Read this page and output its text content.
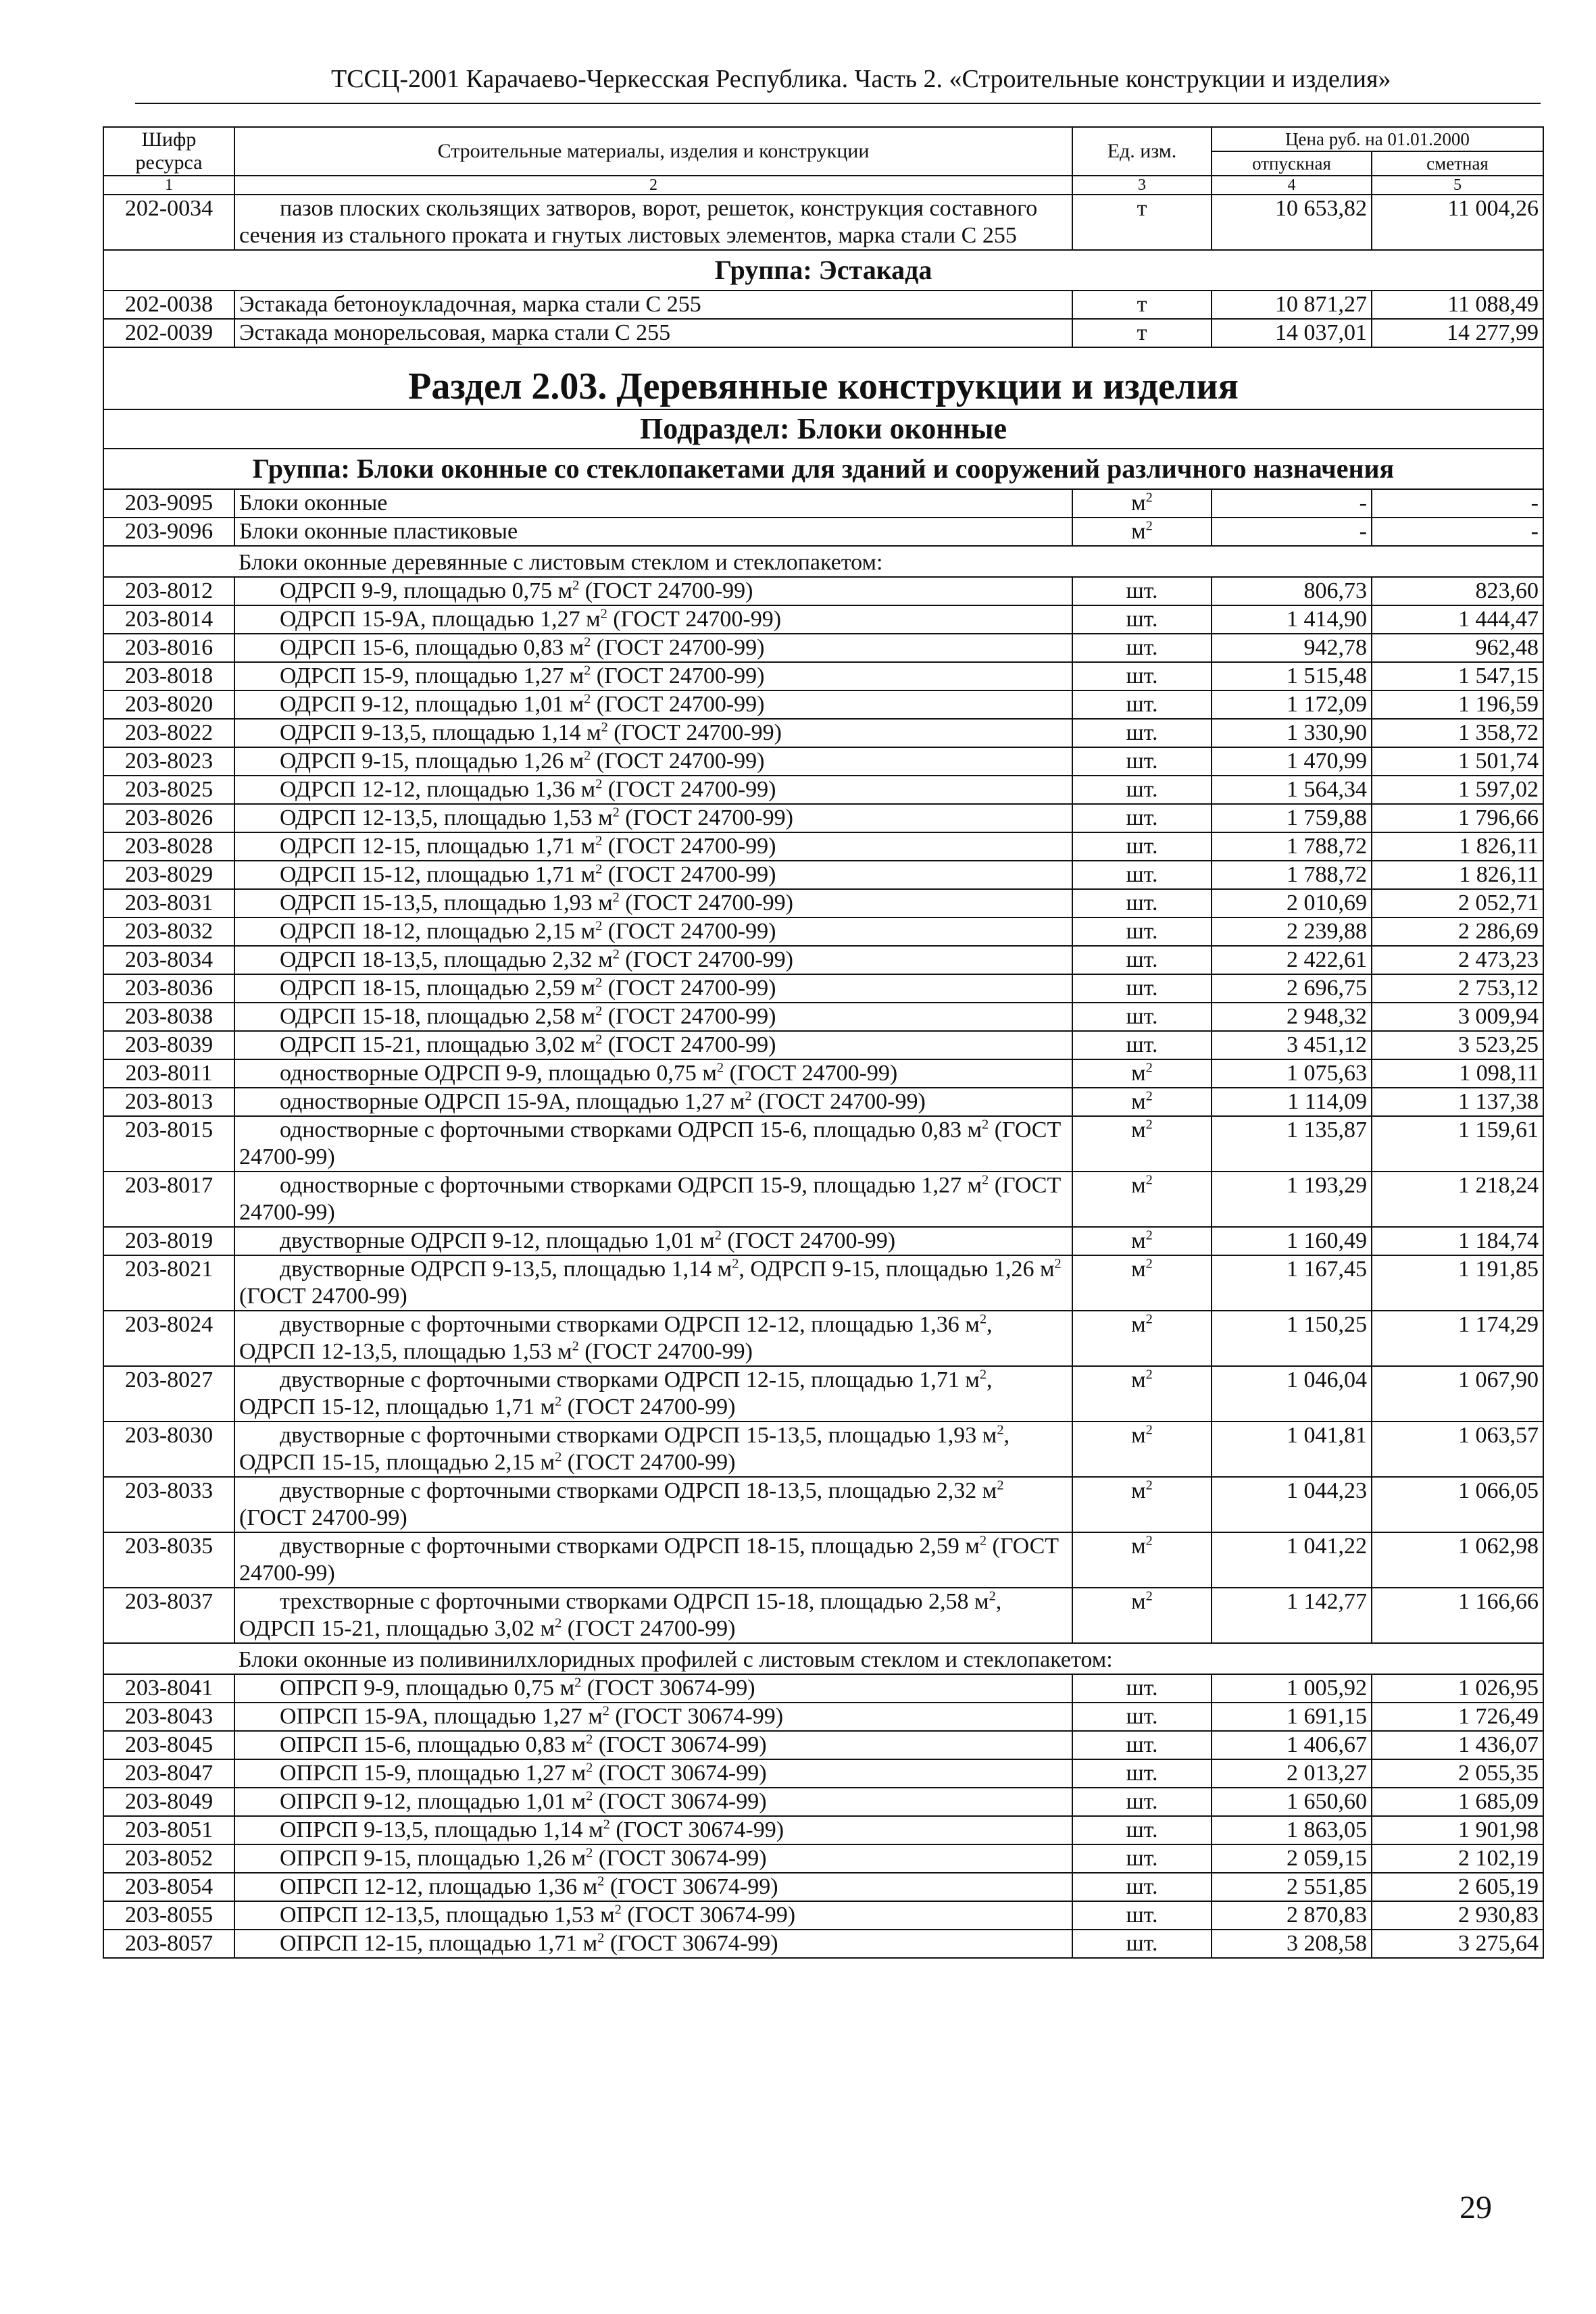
ТССЦ-2001 Карачаево-Черкесская Республика. Часть 2. «Строительные конструкции и изделия»
Шифр ресурса	Строительные материалы, изделия и конструкции	Ед. изм.	Цена руб. на 01.01.2000	
			отпускная	сметная
1	2	3	4	5
202-0034	пазов плоских скользящих затворов, ворот, решеток, конструкция составного сечения из стального проката и гнутых листовых элементов, марка стали С 255	т	10 653,82	11 004,26
Группа: Эстакада				
202-0038	Эстакада бетоноукладочная, марка стали С 255	т	10 871,27	11 088,49
202-0039	Эстакада монорельсовая, марка стали С 255	т	14 037,01	14 277,99
Раздел 2.03. Деревянные конструкции и изделия				
Подраздел: Блоки оконные				
Группа: Блоки оконные со стеклопакетами для зданий и сооружений различного назначения				
203-9095	Блоки оконные	$м^2$	-	-
203-9096	Блоки оконные пластиковые	$м^2$	-	-
	Блоки оконные деревянные с листовым стеклом и стеклопакетом:			
203-8012	ОДРСП 9-9, площадью 0,75 $м^2$ (ГОСТ 24700-99)	шт.	806,73	823,60
203-8014	ОДРСП 15-9А, площадью 1,27 $м^2$ (ГОСТ 24700-99)	шт.	1 414,90	1 444,47
203-8016	ОДРСП 15-6, площадью 0,83 $м^2$ (ГОСТ 24700-99)	шт.	942,78	962,48
203-8018	ОДРСП 15-9, площадью 1,27 $м^2$ (ГОСТ 24700-99)	шт.	1 515,48	1 547,15
203-8020	ОДРСП 9-12, площадью 1,01 $м^2$ (ГОСТ 24700-99)	шт.	1 172,09	1 196,59
203-8022	ОДРСП 9-13,5, площадью 1,14 $м^2$ (ГОСТ 24700-99)	шт.	1 330,90	1 358,72
203-8023	ОДРСП 9-15, площадью 1,26 $м^2$ (ГОСТ 24700-99)	шт.	1 470,99	1 501,74
203-8025	ОДРСП 12-12, площадью 1,36 $м^2$ (ГОСТ 24700-99)	шт.	1 564,34	1 597,02
203-8026	ОДРСП 12-13,5, площадью 1,53 $м^2$ (ГОСТ 24700-99)	шт.	1 759,88	1 796,66
203-8028	ОДРСП 12-15, площадью 1,71 $м^2$ (ГОСТ 24700-99)	шт.	1 788,72	1 826,11
203-8029	ОДРСП 15-12, площадью 1,71 $м^2$ (ГОСТ 24700-99)	шт.	1 788,72	1 826,11
203-8031	ОДРСП 15-13,5, площадью 1,93 $м^2$ (ГОСТ 24700-99)	шт.	2 010,69	2 052,71
203-8032	ОДРСП 18-12, площадью 2,15 $м^2$ (ГОСТ 24700-99)	шт.	2 239,88	2 286,69
203-8034	ОДРСП 18-13,5, площадью 2,32 $м^2$ (ГОСТ 24700-99)	шт.	2 422,61	2 473,23
203-8036	ОДРСП 18-15, площадью 2,59 $м^2$ (ГОСТ 24700-99)	шт.	2 696,75	2 753,12
203-8038	ОДРСП 15-18, площадью 2,58 $м^2$ (ГОСТ 24700-99)	шт.	2 948,32	3 009,94
203-8039	ОДРСП 15-21, площадью 3,02 $м^2$ (ГОСТ 24700-99)	шт.	3 451,12	3 523,25
203-8011	одностворные ОДРСП 9-9, площадью 0,75 $м^2$ (ГОСТ 24700-99)	$м^2$	1 075,63	1 098,11
203-8013	одностворные ОДРСП 15-9А, площадью 1,27 $м^2$ (ГОСТ 24700-99)	$м^2$	1 114,09	1 137,38
203-8015	одностворные с форточными створками ОДРСП 15-6, площадью 0,83 $м^2$ (ГОСТ 24700-99)	$м^2$	1 135,87	1 159,61
203-8017	одностворные с форточными створками ОДРСП 15-9, площадью 1,27 $м^2$ (ГОСТ 24700-99)	$м^2$	1 193,29	1 218,24
203-8019	двустворные ОДРСП 9-12, площадью 1,01 $м^2$ (ГОСТ 24700-99)	$м^2$	1 160,49	1 184,74
203-8021	двустворные ОДРСП 9-13,5, площадью 1,14 $м^2$, ОДРСП 9-15, площадью 1,26 $м^2$ (ГОСТ 24700-99)	$м^2$	1 167,45	1 191,85
203-8024	двустворные с форточными створками ОДРСП 12-12, площадью 1,36 $м^2$, ОДРСП 12-13,5, площадью 1,53 $м^2$ (ГОСТ 24700-99)	$м^2$	1 150,25	1 174,29
203-8027	двустворные с форточными створками ОДРСП 12-15, площадью 1,71 $м^2$, ОДРСП 15-12, площадью 1,71 $м^2$ (ГОСТ 24700-99)	$м^2$	1 046,04	1 067,90
203-8030	двустворные с форточными створками ОДРСП 15-13,5, площадью 1,93 $м^2$, ОДРСП 15-15, площадью 2,15 $м^2$ (ГОСТ 24700-99)	$м^2$	1 041,81	1 063,57
203-8033	двустворные с форточными створками ОДРСП 18-13,5, площадью 2,32 $м^2$ (ГОСТ 24700-99)	$м^2$	1 044,23	1 066,05
203-8035	двустворные с форточными створками ОДРСП 18-15, площадью 2,59 $м^2$ (ГОСТ 24700-99)	$м^2$	1 041,22	1 062,98
203-8037	трехстворные с форточными створками ОДРСП 15-18, площадью 2,58 $м^2$, ОДРСП 15-21, площадью 3,02 $м^2$ (ГОСТ 24700-99)	$м^2$	1 142,77	1 166,66
	Блоки оконные из поливинилхлоридных профилей с листовым стеклом и стеклопакетом:			
203-8041	ОПРСП 9-9, площадью 0,75 $м^2$ (ГОСТ 30674-99)	шт.	1 005,92	1 026,95
203-8043	ОПРСП 15-9А, площадью 1,27 $м^2$ (ГОСТ 30674-99)	шт.	1 691,15	1 726,49
203-8045	ОПРСП 15-6, площадью 0,83 $м^2$ (ГОСТ 30674-99)	шт.	1 406,67	1 436,07
203-8047	ОПРСП 15-9, площадью 1,27 $м^2$ (ГОСТ 30674-99)	шт.	2 013,27	2 055,35
203-8049	ОПРСП 9-12, площадью 1,01 $м^2$ (ГОСТ 30674-99)	шт.	1 650,60	1 685,09
203-8051	ОПРСП 9-13,5, площадью 1,14 $м^2$ (ГОСТ 30674-99)	шт.	1 863,05	1 901,98
203-8052	ОПРСП 9-15, площадью 1,26 $м^2$ (ГОСТ 30674-99)	шт.	2 059,15	2 102,19
203-8054	ОПРСП 12-12, площадью 1,36 $м^2$ (ГОСТ 30674-99)	шт.	2 551,85	2 605,19
203-8055	ОПРСП 12-13,5, площадью 1,53 $м^2$ (ГОСТ 30674-99)	шт.	2 870,83	2 930,83
203-8057	ОПРСП 12-15, площадью 1,71 $м^2$ (ГОСТ 30674-99)	шт.	3 208,58	3 275,64
29
